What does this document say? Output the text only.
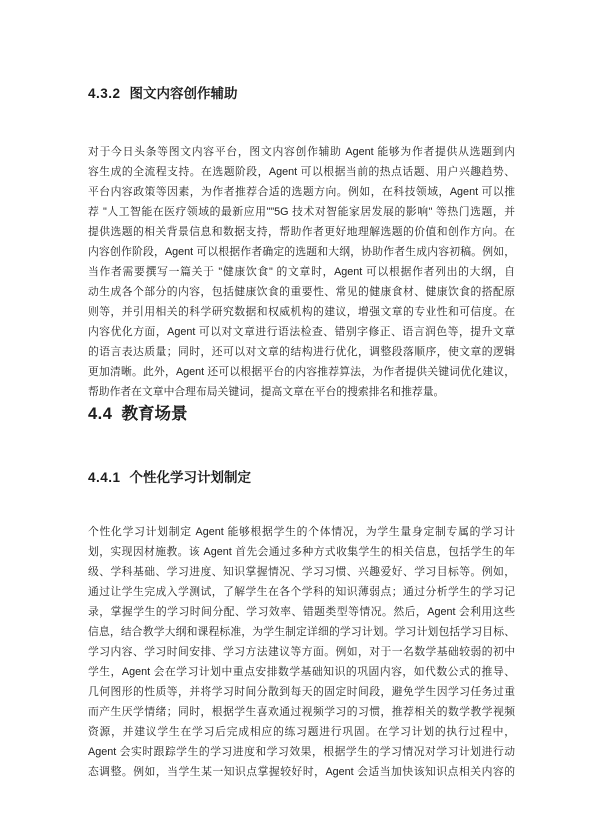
4.3.2 图文内容创作辅助
对于今日头条等图文内容平台，图文内容创作辅助 Agent 能够为作者提供从选题到内
容生成的全流程支持。在选题阶段，Agent 可以根据当前的热点话题、用户兴趣趋势、
平台内容政策等因素，为作者推荐合适的选题方向。例如，在科技领域，Agent 可以推
荐 "人工智能在医疗领域的最新应用""5G 技术对智能家居发展的影响" 等热门选题，并
提供选题的相关背景信息和数据支持，帮助作者更好地理解选题的价值和创作方向。在
内容创作阶段，Agent 可以根据作者确定的选题和大纲，协助作者生成内容初稿。例如，
当作者需要撰写一篇关于 "健康饮食" 的文章时，Agent 可以根据作者列出的大纲，自
动生成各个部分的内容，包括健康饮食的重要性、常见的健康食材、健康饮食的搭配原
则等，并引用相关的科学研究数据和权威机构的建议，增强文章的专业性和可信度。在
内容优化方面，Agent 可以对文章进行语法检查、错别字修正、语言润色等，提升文章
的语言表达质量；同时，还可以对文章的结构进行优化，调整段落顺序，使文章的逻辑
更加清晰。此外，Agent 还可以根据平台的内容推荐算法，为作者提供关键词优化建议，
帮助作者在文章中合理布局关键词，提高文章在平台的搜索排名和推荐量。
4.4 教育场景
4.4.1 个性化学习计划制定
个性化学习计划制定 Agent 能够根据学生的个体情况，为学生量身定制专属的学习计
划，实现因材施教。该 Agent 首先会通过多种方式收集学生的相关信息，包括学生的年
级、学科基础、学习进度、知识掌握情况、学习习惯、兴趣爱好、学习目标等。例如，
通过让学生完成入学测试，了解学生在各个学科的知识薄弱点；通过分析学生的学习记
录，掌握学生的学习时间分配、学习效率、错题类型等情况。然后，Agent 会利用这些
信息，结合教学大纲和课程标准，为学生制定详细的学习计划。学习计划包括学习目标、
学习内容、学习时间安排、学习方法建议等方面。例如，对于一名数学基础较弱的初中
学生，Agent 会在学习计划中重点安排数学基础知识的巩固内容，如代数公式的推导、
几何图形的性质等，并将学习时间分散到每天的固定时间段，避免学生因学习任务过重
而产生厌学情绪；同时，根据学生喜欢通过视频学习的习惯，推荐相关的数学教学视频
资源，并建议学生在学习后完成相应的练习题进行巩固。在学习计划的执行过程中，
Agent 会实时跟踪学生的学习进度和学习效果，根据学生的学习情况对学习计划进行动
态调整。例如，当学生某一知识点掌握较好时，Agent 会适当加快该知识点相关内容的
